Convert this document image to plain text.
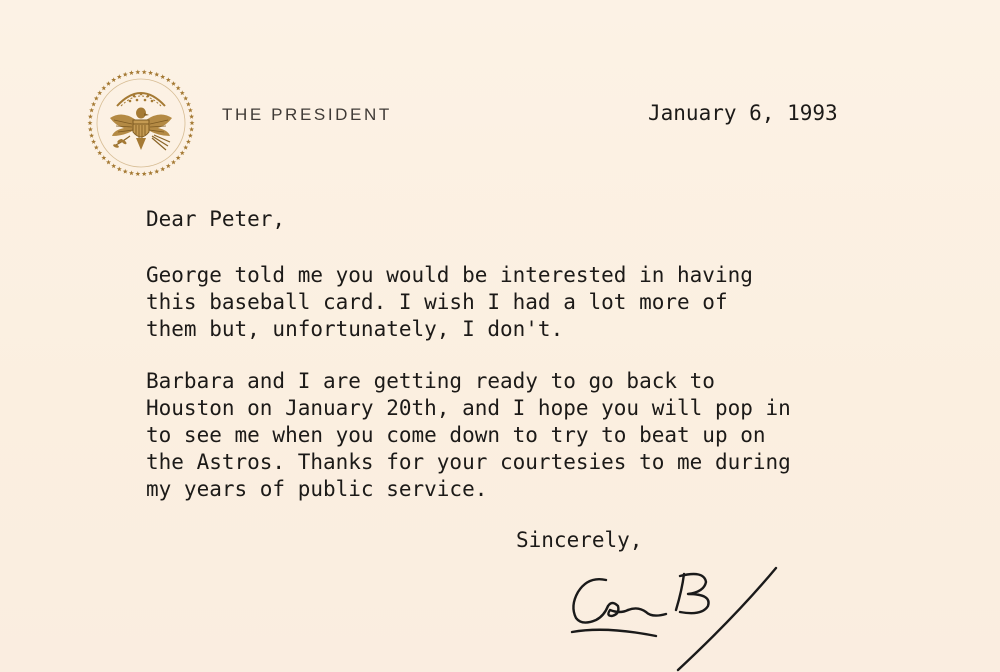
THE PRESIDENT	January 6, 1993
Dear Peter,

George told me you would be interested in having
this baseball card. I wish I had a lot more of
them but, unfortunately, I don't.

Barbara and I are getting ready to go back to
Houston on January 20th, and I hope you will pop in
to see me when you come down to try to beat up on
the Astros. Thanks for your courtesies to me during
my years of public service.

Sincerely,
